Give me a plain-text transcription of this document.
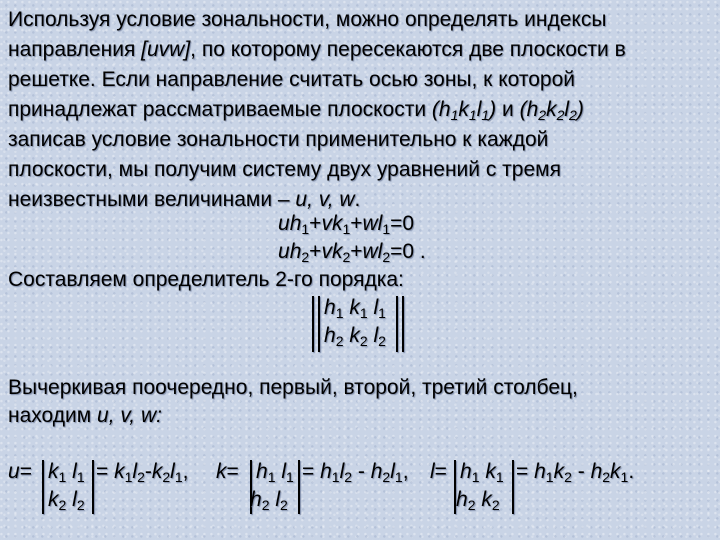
Используя условие зональности, можно определять индексы
направления [uvw], по которому пересекаются две плоскости в
решетке. Если направление считать осью зоны, к которой
принадлежат рассматриваемые плоскости $(h_1k_1l_1)$ и $(h_2k_2l_2)$
записав условие зональности применительно к каждой
плоскости, мы получим систему двух уравнений с тремя
неизвестными величинами – u, v, w.
$uh_1+vk_1+wl_1=0$
$uh_2+vk_2+wl_2=0$ .
Составляем определитель 2-го порядка:
$h_1$ $k_1$ $l_1$
$h_2$ $k_2$ $l_2$
Вычеркивая поочередно, первый, второй, третий столбец,
находим u, v, w:
$u= k_1$ $l_1$
$k_2$ $l_2$
= $k_1l_2-k_2l_1$, $k= h_1$ $l_1$
$h_2$ $l_2$
= $h_1l_2 - h_2l_1$, $l= h_1$ $k_1$
$h_2$ $k_2$
= $h_1k_2 - h_2k_1$.
